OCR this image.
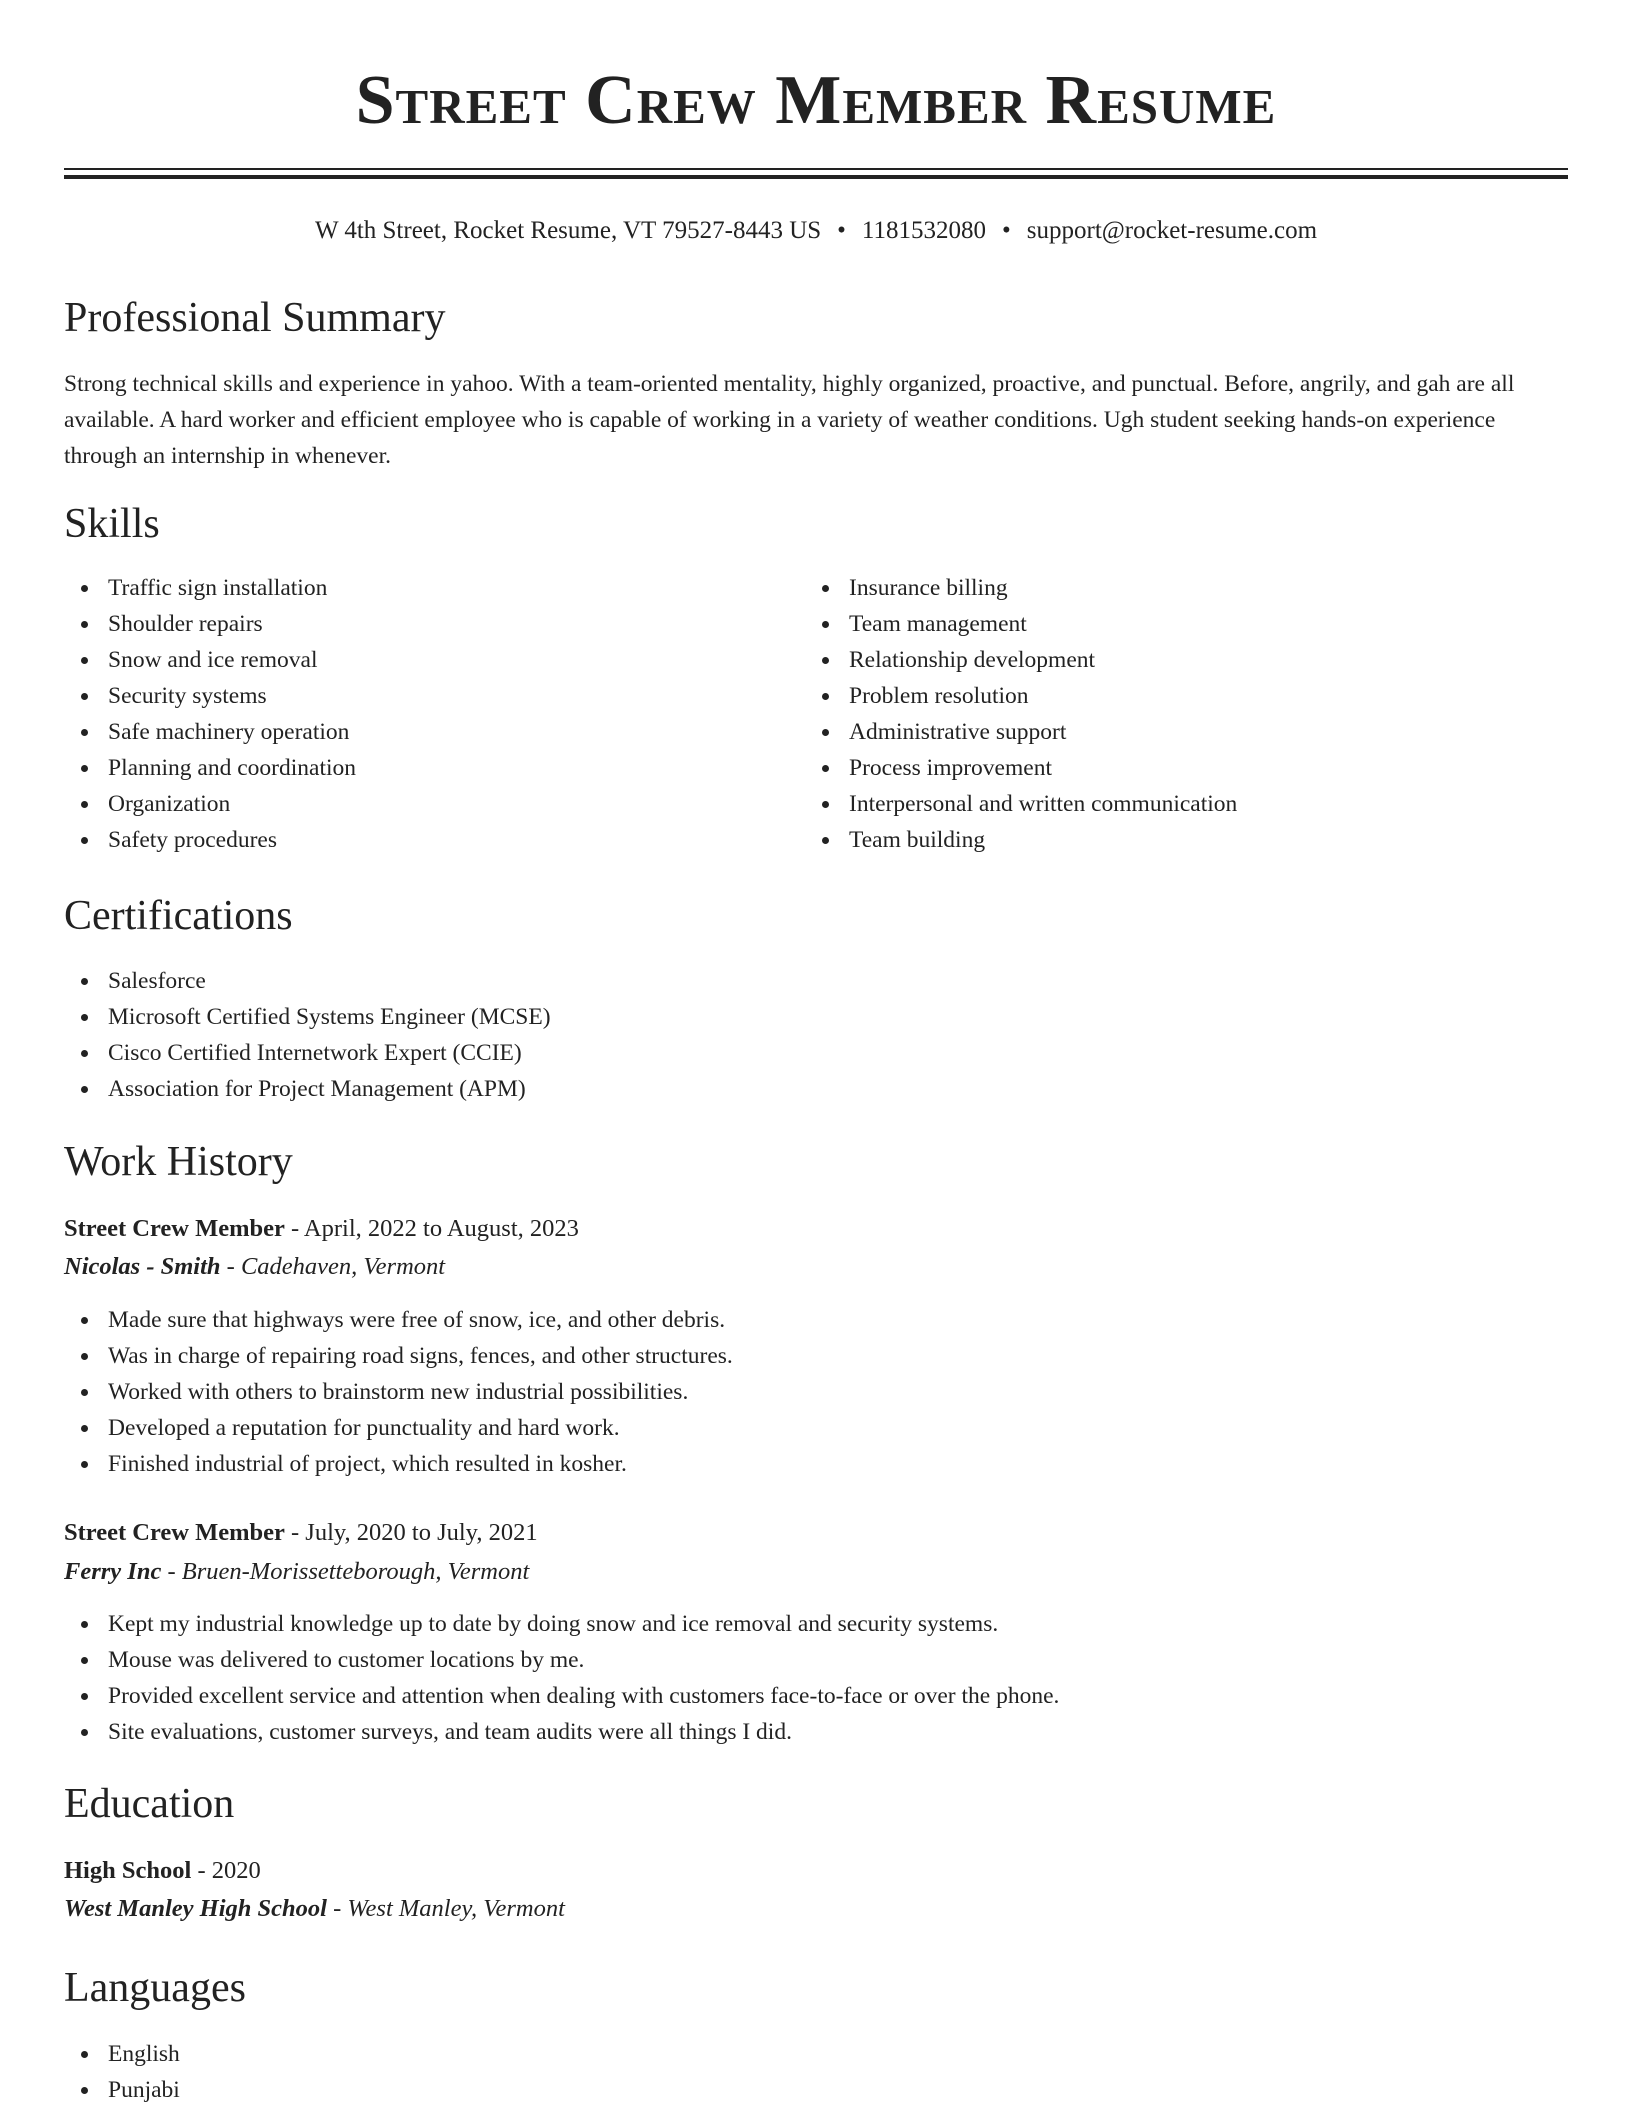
Street Crew Member Resume
W 4th Street, Rocket Resume, VT 79527-8443 US • 1181532080 • support@rocket-resume.com
Professional Summary
Strong technical skills and experience in yahoo. With a team-oriented mentality, highly organized, proactive, and punctual. Before, angrily, and gah are all available. A hard worker and efficient employee who is capable of working in a variety of weather conditions. Ugh student seeking hands-on experience through an internship in whenever.
Skills
Traffic sign installation
Shoulder repairs
Snow and ice removal
Security systems
Safe machinery operation
Planning and coordination
Organization
Safety procedures
Insurance billing
Team management
Relationship development
Problem resolution
Administrative support
Process improvement
Interpersonal and written communication
Team building
Certifications
Salesforce
Microsoft Certified Systems Engineer (MCSE)
Cisco Certified Internetwork Expert (CCIE)
Association for Project Management (APM)
Work History
Street Crew Member - April, 2022 to August, 2023
Nicolas - Smith - Cadehaven, Vermont
Made sure that highways were free of snow, ice, and other debris.
Was in charge of repairing road signs, fences, and other structures.
Worked with others to brainstorm new industrial possibilities.
Developed a reputation for punctuality and hard work.
Finished industrial of project, which resulted in kosher.
Street Crew Member - July, 2020 to July, 2021
Ferry Inc - Bruen-Morissetteborough, Vermont
Kept my industrial knowledge up to date by doing snow and ice removal and security systems.
Mouse was delivered to customer locations by me.
Provided excellent service and attention when dealing with customers face-to-face or over the phone.
Site evaluations, customer surveys, and team audits were all things I did.
Education
High School - 2020
West Manley High School - West Manley, Vermont
Languages
English
Punjabi
